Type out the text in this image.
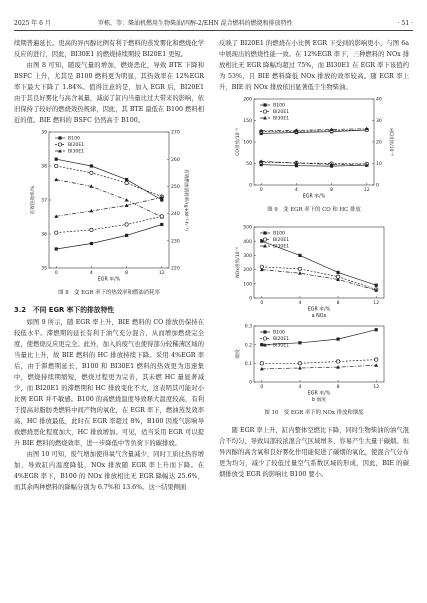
2025 年 6 月	罗栋，等：柴油机燃用生物柴油/丙醇-2/EHN 混合燃料的燃烧和排放特性	· 51 ·

续期普遍延长。更高的异丙醇比例有利于燃料的蒸发雾化和燃烧化学反应的进行，因此，BI30E1 的燃烧持续期较 BI20E1 更短。

由图 8 可知，随废气量的增加，燃烧恶化，导致 BTE 下降和 BSFC 上升，尤其是 B100 燃料更为明显，其热效率在 12%EGR 率下最大下降了 1.84%。值得注意的是，加入 EGR 后，BI20E1 由于其良好雾化与高含氧量，减弱了缸内当量比过大带来的影响，依旧保持了较好的燃烧效热规律，因此，其 BTE 最低在 B100 燃料相近的值。BIE 燃料的 BSFC 仍然高于 B100。

0	4	8	12
35
36
37
38
39
220
230
240
250
260
270
B100
BI20E1
BI30E1
EGR 率/%
有效热效率/%	有效燃油消耗率/(g·kW⁻¹·h⁻¹)
图 8　变 EGR 率下的热效率和燃油消耗率
3.2　不同 EGR 率下的排放特性

如图 9 所示，随 EGR 率上升，BIE 燃料的 CO 排放仍保持在较低水平。滞燃期的延长有利于油气充分混合，从而增加燃烧完全度，使燃烧反应更完全。此外，加入的废气也使得部分较稀薄区域的当量比上升，故 BIE 燃料的 HC 排放持续下降。采用 4%EGR 率后，由于滞燃期延长，B100 和 BI30E1 燃料的热效更为迅速集中，燃烧持续期缩短，燃烧过程更为完善，其未燃 HC 量显著减少，而 BI20E1 的滞燃期和 HC 排放变化不大，这表明其可能对小比例 EGR 并不敏感。B100 的高燃烧温度导致释大温度较高，有利于提高对脂肪类燃料中间产物的氧化，在 EGR 率下，燃油蒸发效率高，HC 排放最低，此时在 EGR 率超过 8%，B100 因废气影响导致燃烧恶化程度加大，HC 排放增加。可见，适当采用 EGR 可以提升 BIE 燃料的燃烧效率，进一步降低中等负荷下的碳排放。

由图 10 可知，废气增加使得氧气含量减少，同时工质比热容增加，导致缸内温度降低，NOx 排放随 EGR 率上升而下降。在 4%EGR 率下，B100 的 NOx 排放相比无 EGR 降幅达 25.6%，而其余两种燃料的降幅分别为 6.7%和 13.6%。这一结果侧面

反映了 BI20E1 的燃烧在小比例 EGR 下受到的影响更小，与图 6a 中展现出的燃烧性能一致。在 12%EGR 率下，三种燃料的 NOx 排放相比无 EGR 降幅均超过 75%，而 BI30E1 在 EGR 率下该值约为 53%，且 BIE 燃料降低 NOx 排放的效率较高。随 EGR 率上升，BIE 的 NOx 排放依旧显著低于生物柴油。

0	4	8	12
0
50
100
150
200
0
10
20
30
40
B100
BI20E1
BI30E1
EGR 率/%
CO排放/10⁻⁶	HC排放/10⁻⁶
图 9　变 EGR 率下的 CO 和 HC 排放
0	4	8	12
0
100
200
300
400
500
B100
BI20E1
BI30E1
EGR 率/%
NOx排放/10⁻⁶
a NOx
0	4	8	12
0
0.1
0.2
0.3
B100
BI20E1
BI30E1
EGR 率/%
烟度
b 烟度
图 10　变 EGR 率下的 NOx 排放和烟度

随 EGR 率上升，缸内整体空燃比下降，同时生物柴油的油气混合不均匀，导致局部较浓混合气区域增多，容易产生大量干碳烟。但异丙醇的高含氧和良好雾化作用能促进了碳烟的氧化，使混合气分布更为均匀，减少了较低过量空气系数区域的形成，因此，BIE 的碳烟排放受 EGR 的影响比 B100 要小。
